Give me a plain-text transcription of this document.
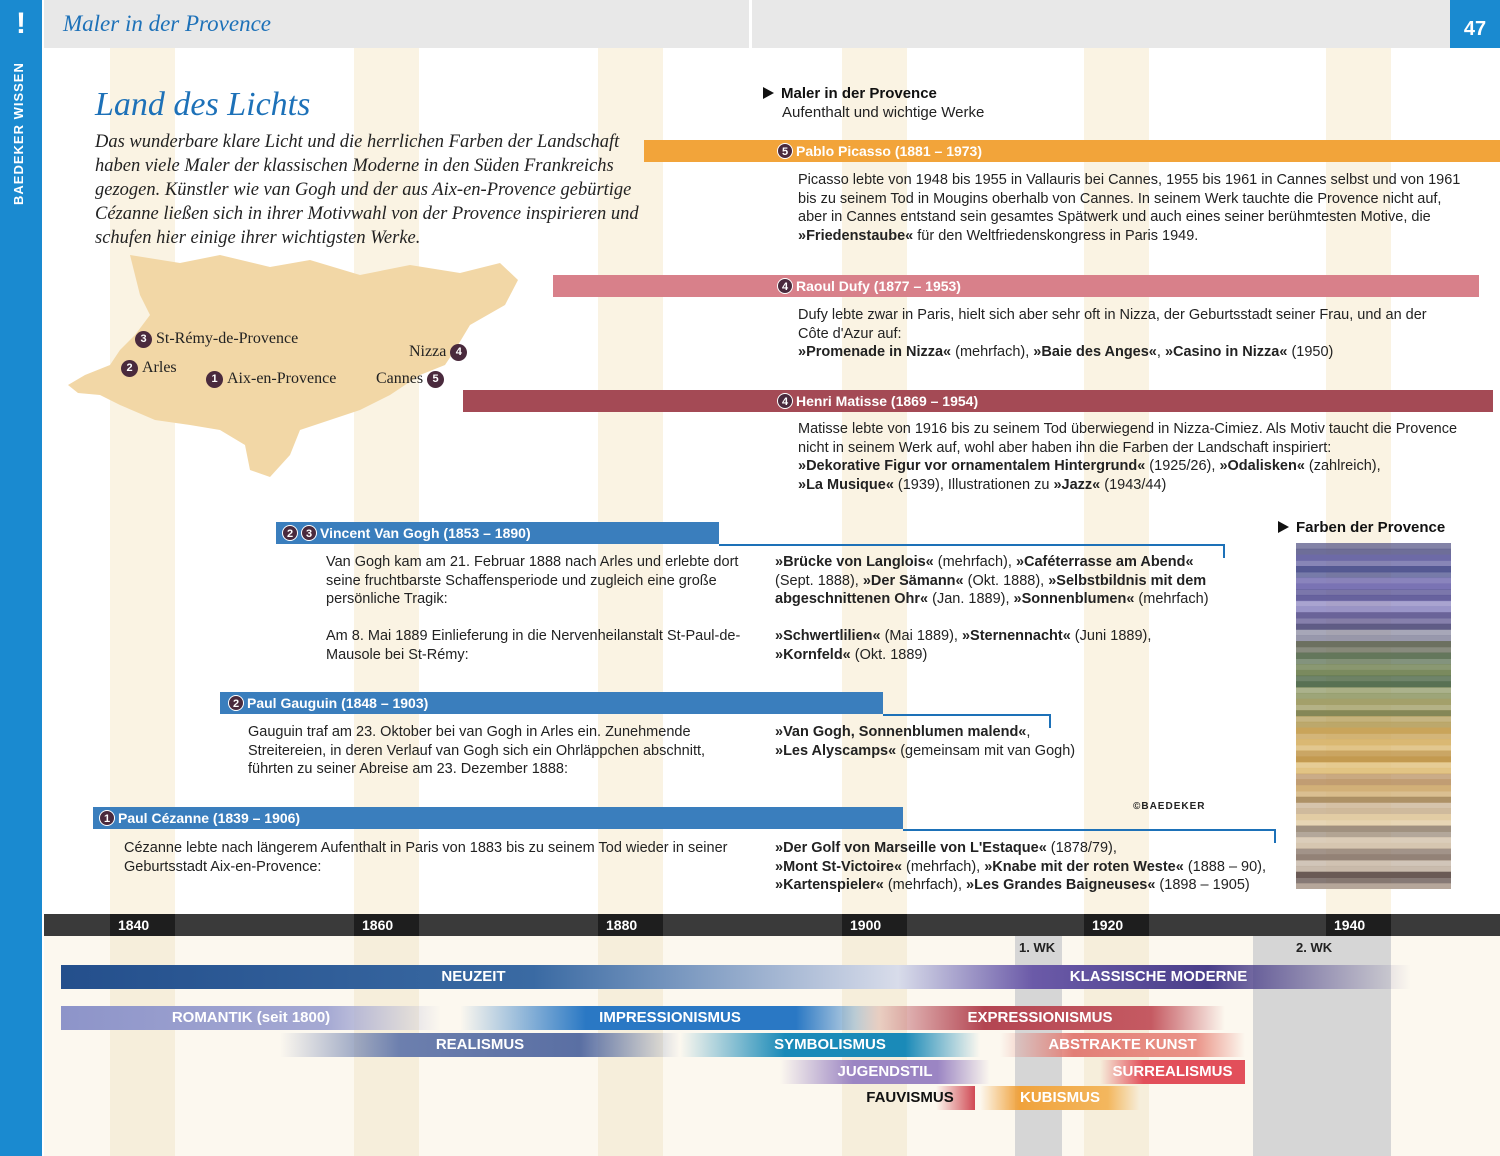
!	Maler in der Provence	47
BAEDEKER WISSEN Land des Lichts
Das wunderbare klare Licht und die herrlichen Farben der Landschaft haben viele Maler der klassischen Moderne in den Süden Frankreichs gezogen. Künstler wie van Gogh und der aus Aix-en-Provence gebürtige Cézanne ließen sich in ihrer Motivwahl von der Provence inspirieren und schufen hier einige ihrer wichtigsten Werke.
3 St-Rémy-de-Provence
2 Arles
1 Aix-en-Provence
Nizza 4
Cannes 5
Maler in der Provence
Aufenthalt und wichtige Werke
5 Pablo Picasso (1881 – 1973)
Picasso lebte von 1948 bis 1955 in Vallauris bei Cannes, 1955 bis 1961 in Cannes selbst und von 1961 bis zu seinem Tod in Mougins oberhalb von Cannes. In seinem Werk tauchte die Provence nicht auf, aber in Cannes entstand sein gesamtes Spätwerk und auch eines seiner berühmtesten Motive, die »Friedenstaube« für den Weltfriedenskongress in Paris 1949.
4 Raoul Dufy (1877 – 1953)
Dufy lebte zwar in Paris, hielt sich aber sehr oft in Nizza, der Geburtsstadt seiner Frau, und an der Côte d'Azur auf:
»Promenade in Nizza« (mehrfach), »Baie des Anges«, »Casino in Nizza« (1950)
4 Henri Matisse (1869 – 1954)
Matisse lebte von 1916 bis zu seinem Tod überwiegend in Nizza-Cimiez. Als Motiv taucht die Provence nicht in seinem Werk auf, wohl aber haben ihn die Farben der Landschaft inspiriert:
»Dekorative Figur vor ornamentalem Hintergrund« (1925/26), »Odalisken« (zahlreich),
»La Musique« (1939), Illustrationen zu »Jazz« (1943/44)
Farben der Provence
2 3 Vincent Van Gogh (1853 – 1890)
Van Gogh kam am 21. Februar 1888 nach Arles und erlebte dort seine fruchtbarste Schaffensperiode und zugleich eine große persönliche Tragik:
Am 8. Mai 1889 Einlieferung in die Nervenheilanstalt St-Paul-de-Mausole bei St-Rémy:
»Brücke von Langlois« (mehrfach), »Caféterrasse am Abend«
(Sept. 1888), »Der Sämann« (Okt. 1888), »Selbstbildnis mit dem abgeschnittenen Ohr« (Jan. 1889), »Sonnenblumen« (mehrfach)
»Schwertlilien« (Mai 1889), »Sternennacht« (Juni 1889),
»Kornfeld« (Okt. 1889)
2 Paul Gauguin (1848 – 1903)
Gauguin traf am 23. Oktober bei van Gogh in Arles ein. Zunehmende Streitereien, in deren Verlauf van Gogh sich ein Ohrläppchen abschnitt, führten zu seiner Abreise am 23. Dezember 1888:
»Van Gogh, Sonnenblumen malend«,
»Les Alyscamps« (gemeinsam mit van Gogh)
©BAEDEKER
1 Paul Cézanne (1839 – 1906)
Cézanne lebte nach längerem Aufenthalt in Paris von 1883 bis zu seinem Tod wieder in seiner Geburtsstadt Aix-en-Provence:
»Der Golf von Marseille von L'Estaque« (1878/79),
»Mont St-Victoire« (mehrfach), »Knabe mit der roten Weste« (1888 – 90),
»Kartenspieler« (mehrfach), »Les Grandes Baigneuses« (1898 – 1905)
1. WK	2. WK
1840	1860	1880	1900	1920	1940
NEUZEIT	KLASSISCHE MODERNE
ROMANTIK (seit 1800)	IMPRESSIONISMUS	EXPRESSIONISMUS
REALISMUS	SYMBOLISMUS	ABSTRAKTE KUNST
JUGENDSTIL	SURREALISMUS
FAUVISMUS	KUBISMUS
